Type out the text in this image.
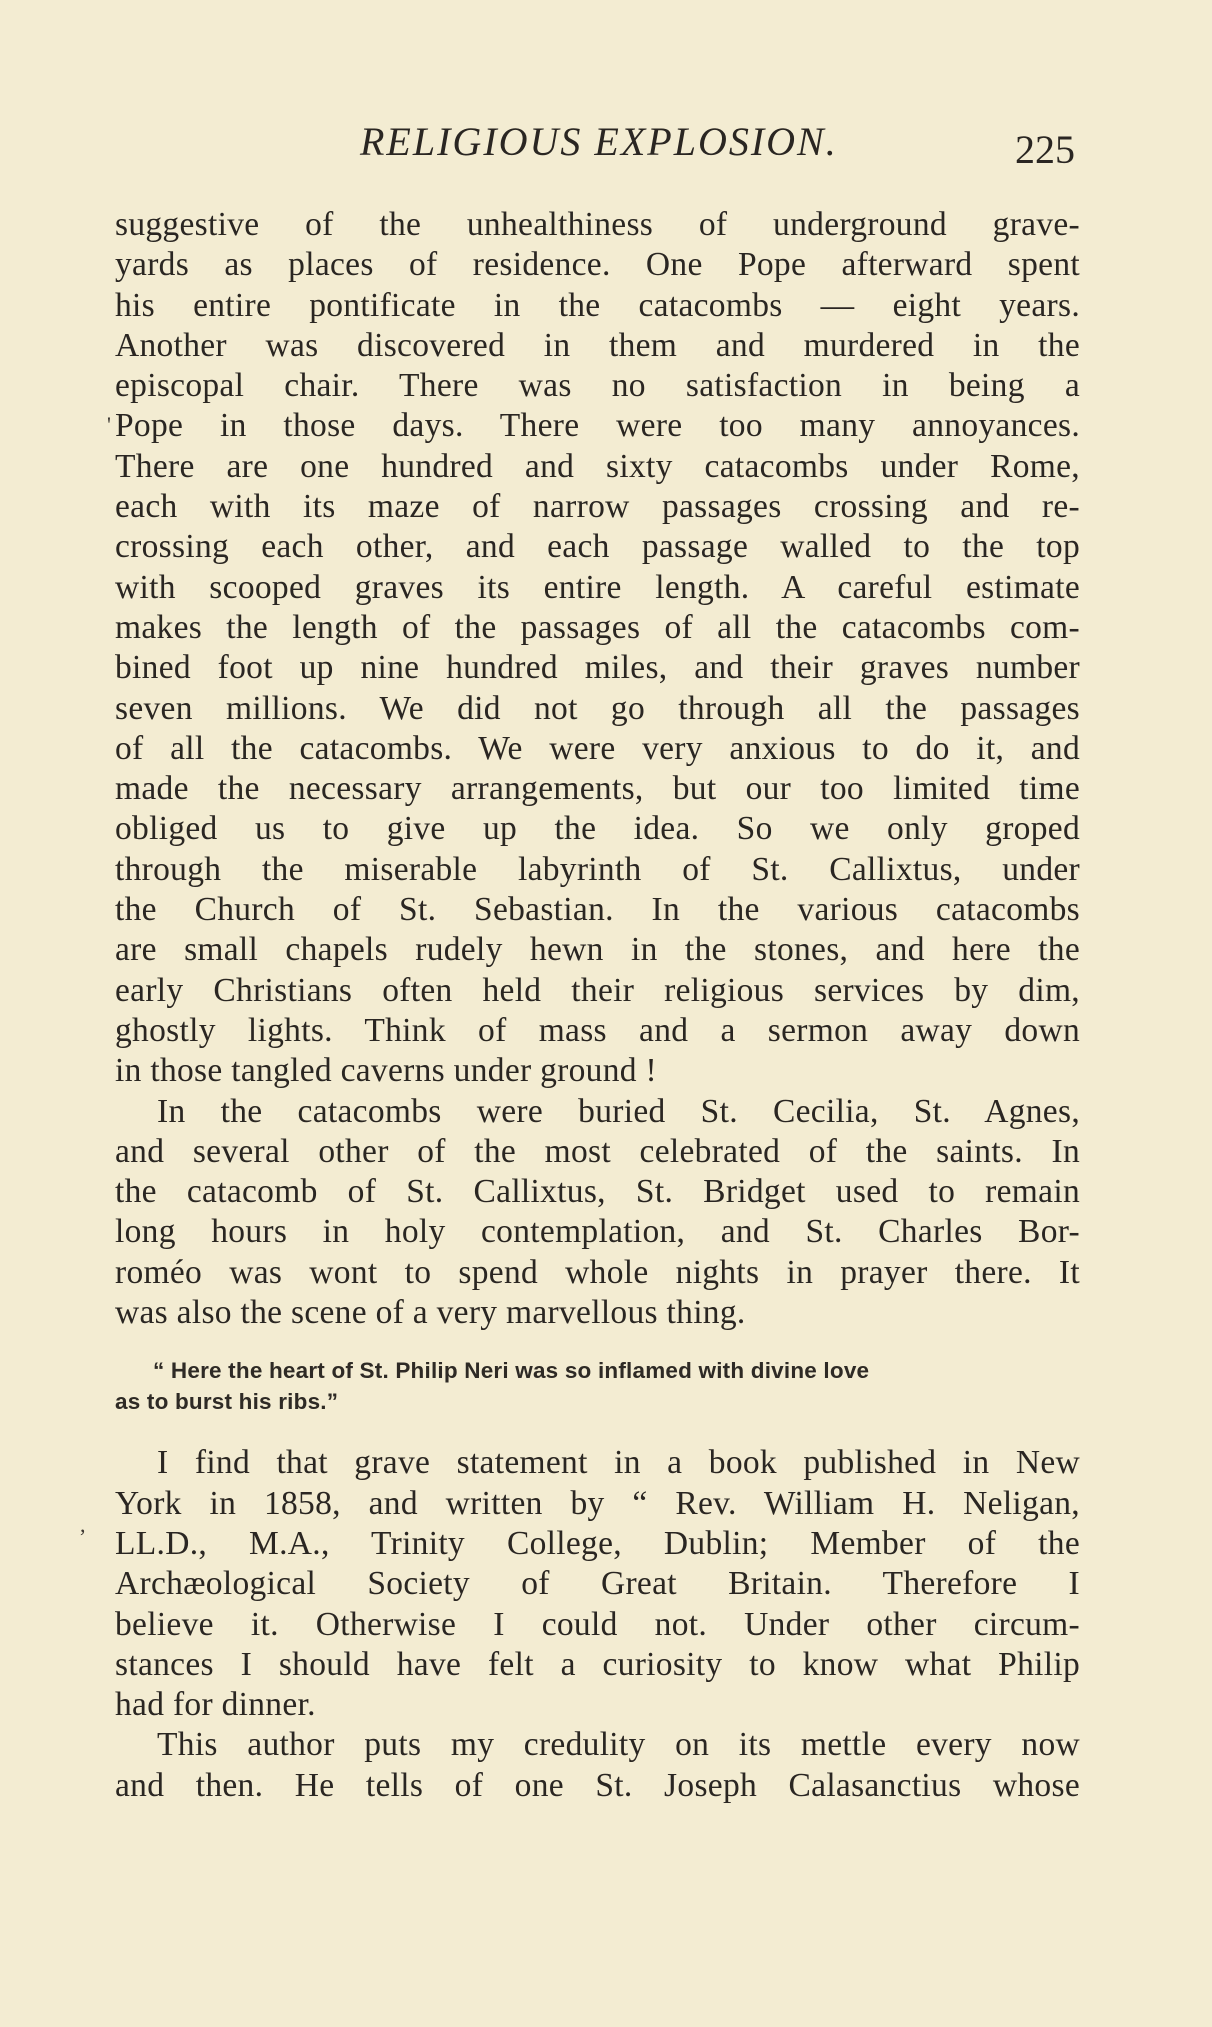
RELIGIOUS EXPLOSION.	225
suggestive of the unhealthiness of underground grave-
yards as places of residence. One Pope afterward spent
his entire pontificate in the catacombs — eight years.
Another was discovered in them and murdered in the
episcopal chair. There was no satisfaction in being a
Pope in those days. There were too many annoyances.
There are one hundred and sixty catacombs under Rome,
each with its maze of narrow passages crossing and re-
crossing each other, and each passage walled to the top
with scooped graves its entire length. A careful estimate
makes the length of the passages of all the catacombs com-
bined foot up nine hundred miles, and their graves number
seven millions. We did not go through all the passages
of all the catacombs. We were very anxious to do it, and
made the necessary arrangements, but our too limited time
obliged us to give up the idea. So we only groped
through the miserable labyrinth of St. Callixtus, under
the Church of St. Sebastian. In the various catacombs
are small chapels rudely hewn in the stones, and here the
early Christians often held their religious services by dim,
ghostly lights. Think of mass and a sermon away down
in those tangled caverns under ground !
In the catacombs were buried St. Cecilia, St. Agnes,
and several other of the most celebrated of the saints. In
the catacomb of St. Callixtus, St. Bridget used to remain
long hours in holy contemplation, and St. Charles Bor-
roméo was wont to spend whole nights in prayer there. It
was also the scene of a very marvellous thing.
“ Here the heart of St. Philip Neri was so inflamed with divine love
as to burst his ribs.”
I find that grave statement in a book published in New
York in 1858, and written by “ Rev. William H. Neligan,
LL.D., M.A., Trinity College, Dublin; Member of the
Archæological Society of Great Britain. Therefore I
believe it. Otherwise I could not. Under other circum-
stances I should have felt a curiosity to know what Philip
had for dinner.
This author puts my credulity on its mettle every now
and then. He tells of one St. Joseph Calasanctius whose
'
,
